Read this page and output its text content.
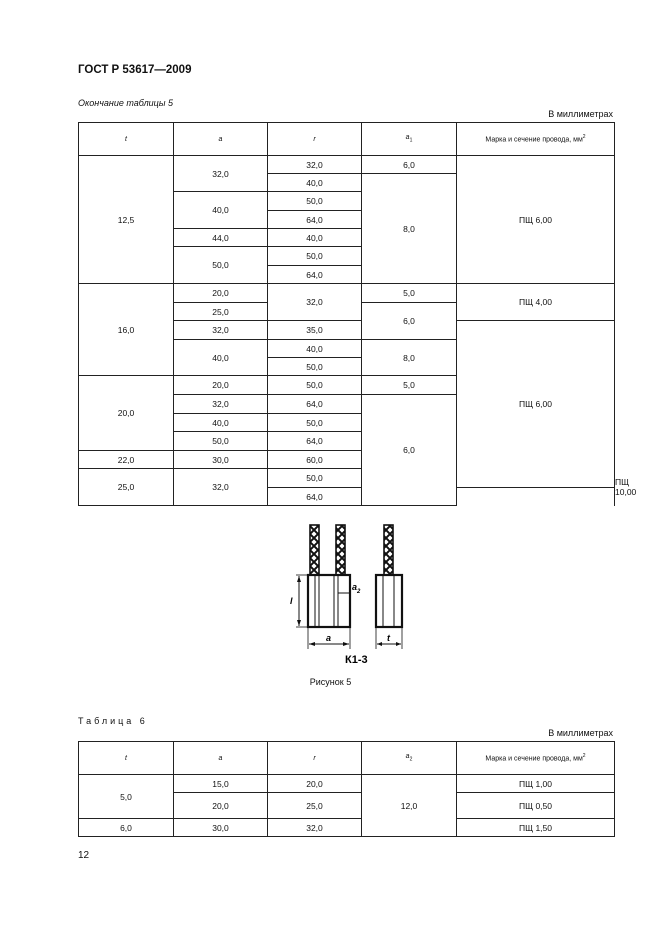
ГОСТ Р 53617—2009
Окончание таблицы 5
В миллиметрах
t	a	r	$a_1$	Марка и сечение провода, $мм^2$
12,5	32,0	32,0	6,0	ПЩ 6,00	
		40,0	8,0		
	40,0	50,0			
		64,0			
	44,0	40,0			
	50,0	50,0			
		64,0			
16,0	20,0	32,0	5,0	ПЩ 4,00	
	25,0		6,0		
	32,0	35,0		ПЩ 6,00	
	40,0	40,0	8,0		
		50,0			
20,0	20,0	50,0	5,0		
	32,0	64,0	6,0		
	40,0	50,0			
	50,0	64,0			
22,0	30,0	60,0			
25,0	32,0	50,0			ПЩ 10,00
		64,0			
l
$a_2$
a	t
К1-3
Рисунок 5
Таблица 6
В миллиметрах
t	a	r	$a_2$	Марка и сечение провода, $мм^2$
5,0	15,0	20,0	12,0	ПЩ 1,00
	20,0	25,0		ПЩ 0,50
6,0	30,0	32,0		ПЩ 1,50
12
